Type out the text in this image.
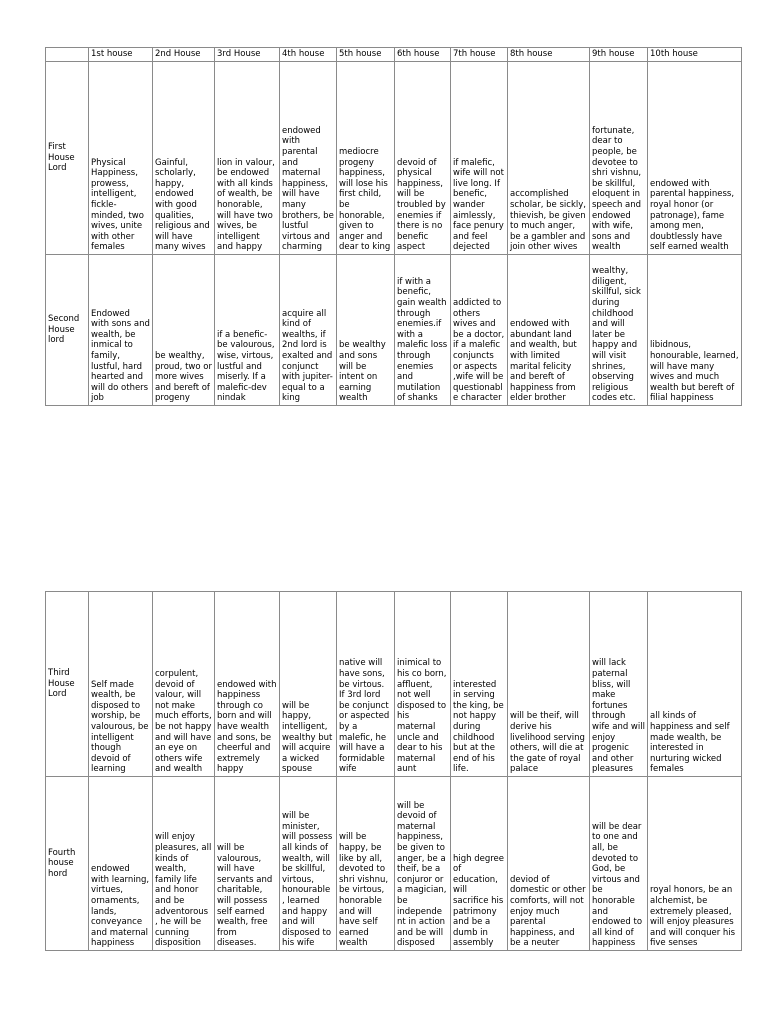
	1st house	2nd House	3rd House	4th house	5th house	6th house	7th house	8th house	9th house	10th house
First House Lord	Physical Happiness, prowess, intelligent, fickle-minded, two wives, unite with other females	Gainful, scholarly, happy, endowed with good qualities, religious and will have many wives	lion in valour, be endowed with all kinds of wealth, be honorable, will have two wives, be intelligent and happy	endowed with parental and maternal happiness, will have many brothers, be lustful virtous and charming	mediocre progeny happiness, will lose his first child, be honorable, given to anger and dear to king	devoid of physical happiness, will be troubled by enemies if there is no benefic aspect	if malefic, wife will not live long. If benefic, wander aimlessly, face penury and feel dejected	accomplished scholar, be sickly, thievish, be given to much anger, be a gambler and join other wives	fortunate, dear to people, be devotee to shri vishnu, be skillful, eloquent in speech and endowed with wife, sons and wealth	endowed with parental happiness, royal honor (or patronage), fame among men, doubtlessly have self earned wealth
Second House lord	Endowed with sons and wealth, be inmical to family, lustful, hard hearted and will do others job	be wealthy, proud, two or more wives and bereft of progeny	if a benefic-be valourous, wise, virtous, lustful and miserly. If a malefic-dev nindak	acquire all kind of wealths, if 2nd lord is exalted and conjunct with jupiter-equal to a king	be wealthy and sons will be intent on earning wealth	if with a benefic, gain wealth through enemies.if with a malefic loss through enemies and mutilation of shanks	addicted to others wives and be a doctor, if a malefic conjuncts or aspects ,wife will be questionable character	endowed with abundant land and wealth, but with limited marital felicity and bereft of happiness from elder brother	wealthy, diligent, skillful, sick during childhood and will later be happy and will visit shrines, observing religious codes etc.	libidnous, honourable, learned, will have many wives and much wealth but bereft of filial happiness
Third House Lord	Self made wealth, be disposed to worship, be valourous, be intelligent though devoid of learning	corpulent, devoid of valour, will not make much efforts, be not happy and will have an eye on others wife and wealth	endowed with happiness through co born and will have wealth and sons, be cheerful and extremely happy	will be happy, intelligent, wealthy but will acquire a wicked spouse	native will have sons, be virtous. If 3rd lord be conjunct or aspected by a malefic, he will have a formidable wife	inimical to his co born, affluent, not well disposed to his maternal uncle and dear to his maternal aunt	interested in serving the king, be not happy during childhood but at the end of his life.	will be theif, will derive his livelihood serving others, will die at the gate of royal palace	will lack paternal bliss, will make fortunes through wife and will enjoy progenic and other pleasures	all kinds of happiness and self made wealth, be interested in nurturing wicked females
Fourth house hord	endowed with learning, virtues, ornaments, lands, conveyance and maternal happiness	will enjoy pleasures, all kinds of wealth, family life and honor and be adventorous , he will be cunning disposition	will be valourous, will have servants and charitable, will possess self earned wealth, free from diseases.	will be minister, will possess all kinds of wealth, will be skillful, virtous, honourable , learned and happy and will disposed to his wife	will be happy, be like by all, devoted to shri vishnu, be virtous, honorable and will have self earned wealth	will be devoid of maternal happiness, be given to anger, be a theif, be a conjuror or a magician, be independe nt in action and be will disposed	high degree of education, will sacrifice his patrimony and be a dumb in assembly	deviod of domestic or other comforts, will not enjoy much parental happiness, and be a neuter	will be dear to one and all, be devoted to God, be virtous and be honorable and endowed to all kind of happiness	royal honors, be an alchemist, be extremely pleased, will enjoy pleasures and will conquer his five senses
